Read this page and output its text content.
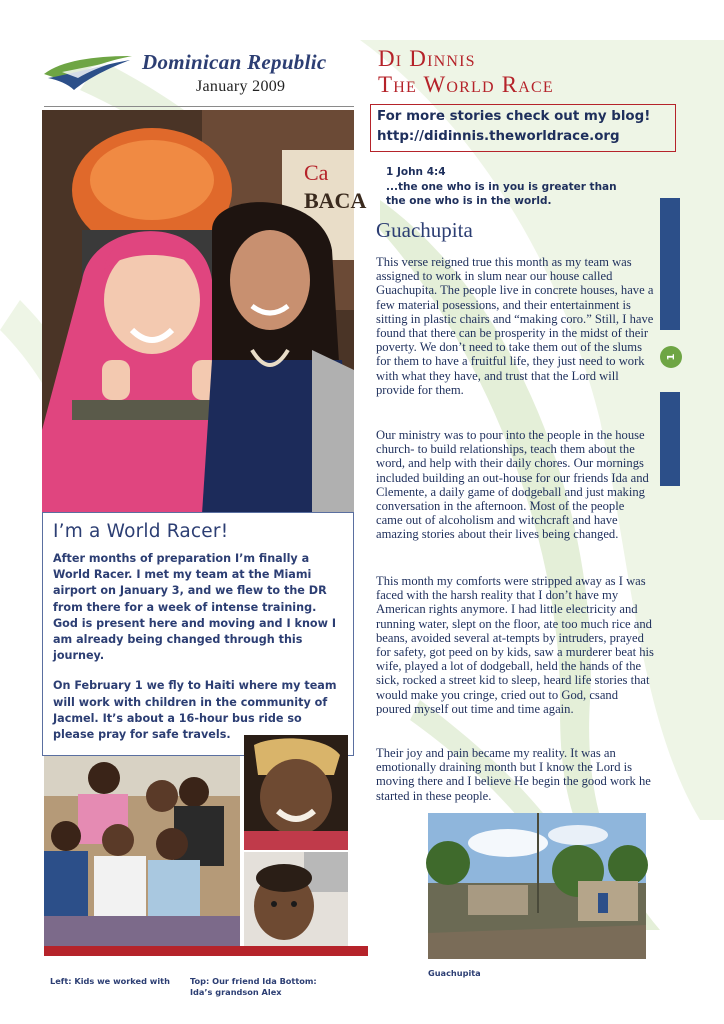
Dominican Republic
January 2009
Di Dinnis
The World Race
For more stories check out my blog!
http://didinnis.theworldrace.org
1 John 4:4
...the one who is in you is greater than the one who is in the world.
Guachupita
This verse reigned true this month as my team was assigned to work in slum near our house called Guachupita. The people live in concrete houses, have a few material posessions, and their entertainment is sitting in plastic chairs and “making coro.” Still, I have found that there can be prosperity in the midst of their poverty. We don’t need to take them out of the slums for them to have a fruitful life, they just need to work with what they have, and trust that the Lord will provide for them.
Our ministry was to pour into the people in the house church- to build relationships, teach them about the word, and help with their daily chores. Our mornings included building an out-house for our friends Ida and Clemente, a daily game of dodgeball and just making conversation in the afternoon. Most of the people came out of alcoholism and witchcraft and have amazing stories about their lives being changed.
This month my comforts were stripped away as I was faced with the harsh reality that I don’t have my American rights anymore. I had little electricity and running water, slept on the floor, ate too much rice and beans, avoided several at-tempts by intruders, prayed for safety, got peed on by kids, saw a murderer beat his wife, played a lot of dodgeball, held the hands of the sick, rocked a street kid to sleep, heard life stories that would make you cringe, cried out to God, csand poured myself out time and time again.
Their joy and pain became my reality. It was an emotionally draining month but I know the Lord is moving there and I believe He begin the good work he started in these people.
1
Ca
BACA
I’m a World Racer!
After months of preparation I’m finally a World Racer. I met my team at the Miami airport on January 3, and we flew to the DR from there for a week of intense training. God is present here and moving and I know I am already being changed through this journey.
On February 1 we fly to Haiti where my team will work with children in the community of Jacmel. It’s about a 16-hour bus ride so please pray for safe travels.
Left: Kids we worked with Top: Our friend Ida Bottom: Ida’s grandson Alex
Guachupita
